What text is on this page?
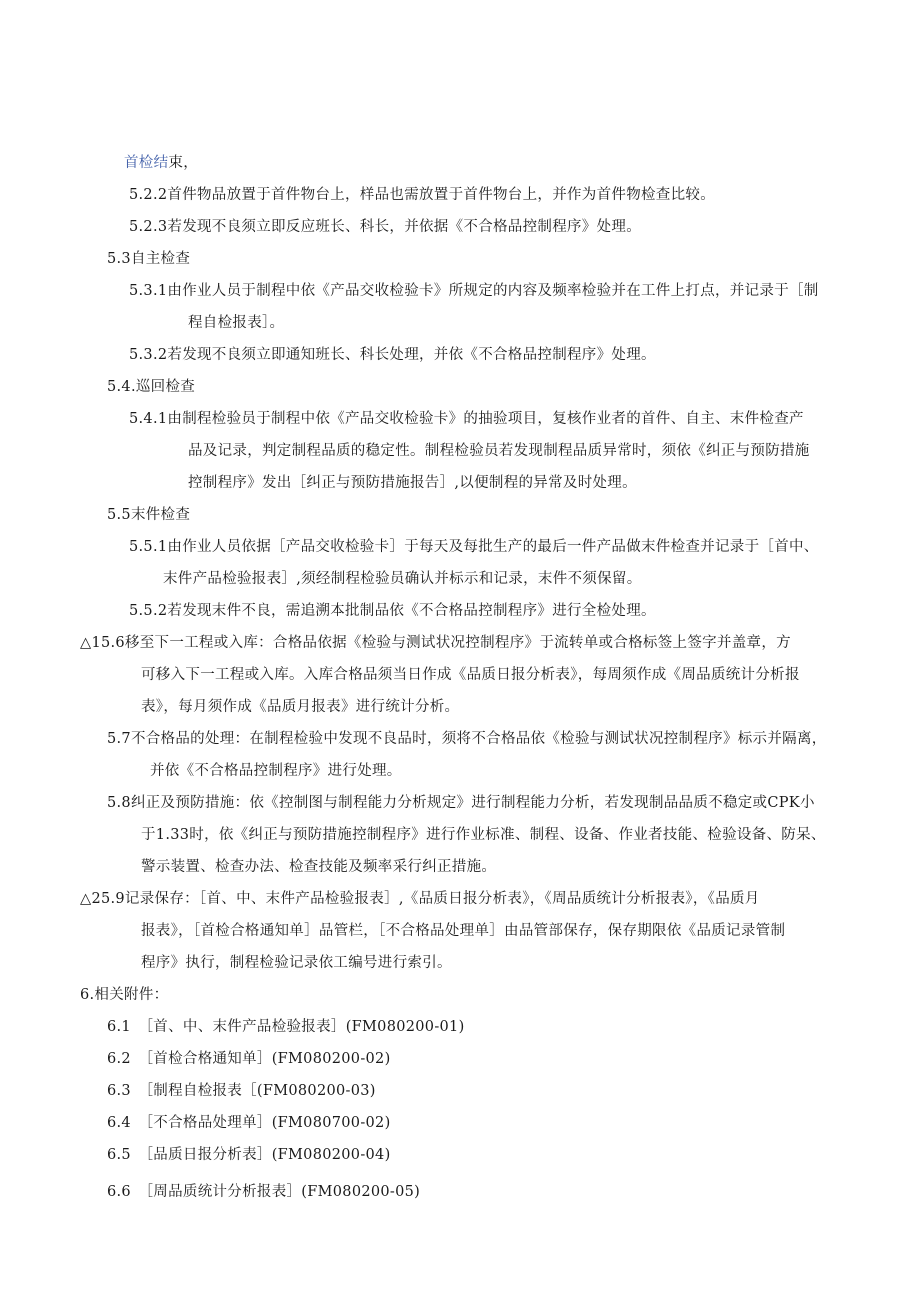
首检结束，
5.2.2首件物品放置于首件物台上，样品也需放置于首件物台上，并作为首件物检查比较。
5.2.3若发现不良须立即反应班长、科长，并依据《不合格品控制程序》处理。
5.3自主检查
5.3.1由作业人员于制程中依《产品交收检验卡》所规定的内容及频率检验并在工件上打点，并记录于［制
程自检报表］。
5.3.2若发现不良须立即通知班长、科长处理，并依《不合格品控制程序》处理。
5.4.巡回检查
5.4.1由制程检验员于制程中依《产品交收检验卡》的抽验项目，复核作业者的首件、自主、末件检查产
品及记录，判定制程品质的稳定性。制程检验员若发现制程品质异常时，须依《纠正与预防措施
控制程序》发出［纠正与预防措施报告］,以便制程的异常及时处理。
5.5末件检查
5.5.1由作业人员依据［产品交收检验卡］于每天及每批生产的最后一件产品做末件检查并记录于［首中、
末件产品检验报表］,须经制程检验员确认并标示和记录，末件不须保留。
5.5.2若发现末件不良，需追溯本批制品依《不合格品控制程序》进行全检处理。
△15.6移至下一工程或入库：合格品依据《检验与测试状况控制程序》于流转单或合格标签上签字并盖章，方
可移入下一工程或入库。入库合格品须当日作成《品质日报分析表》，每周须作成《周品质统计分析报
表》，每月须作成《品质月报表》进行统计分析。
5.7不合格品的处理：在制程检验中发现不良品时，须将不合格品依《检验与测试状况控制程序》标示并隔离，
并依《不合格品控制程序》进行处理。
5.8纠正及预防措施：依《控制图与制程能力分析规定》进行制程能力分析，若发现制品品质不稳定或CPK小
于1.33时，依《纠正与预防措施控制程序》进行作业标准、制程、设备、作业者技能、检验设备、防呆、
警示装置、检查办法、检查技能及频率采行纠正措施。
△25.9记录保存：［首、中、末件产品检验报表］,《品质日报分析表》，《周品质统计分析报表》，《品质月
报表》，［首检合格通知单］品管栏，［不合格品处理单］由品管部保存，保存期限依《品质记录管制
程序》执行，制程检验记录依工编号进行索引。
6.相关附件：
6.1　［首、中、末件产品检验报表］(FM080200-01)
6.2　［首检合格通知单］(FM080200-02)
6.3　［制程自检报表［(FM080200-03)
6.4　［不合格品处理单］(FM080700-02)
6.5　［品质日报分析表］(FM080200-04)
6.6　［周品质统计分析报表］(FM080200-05)
